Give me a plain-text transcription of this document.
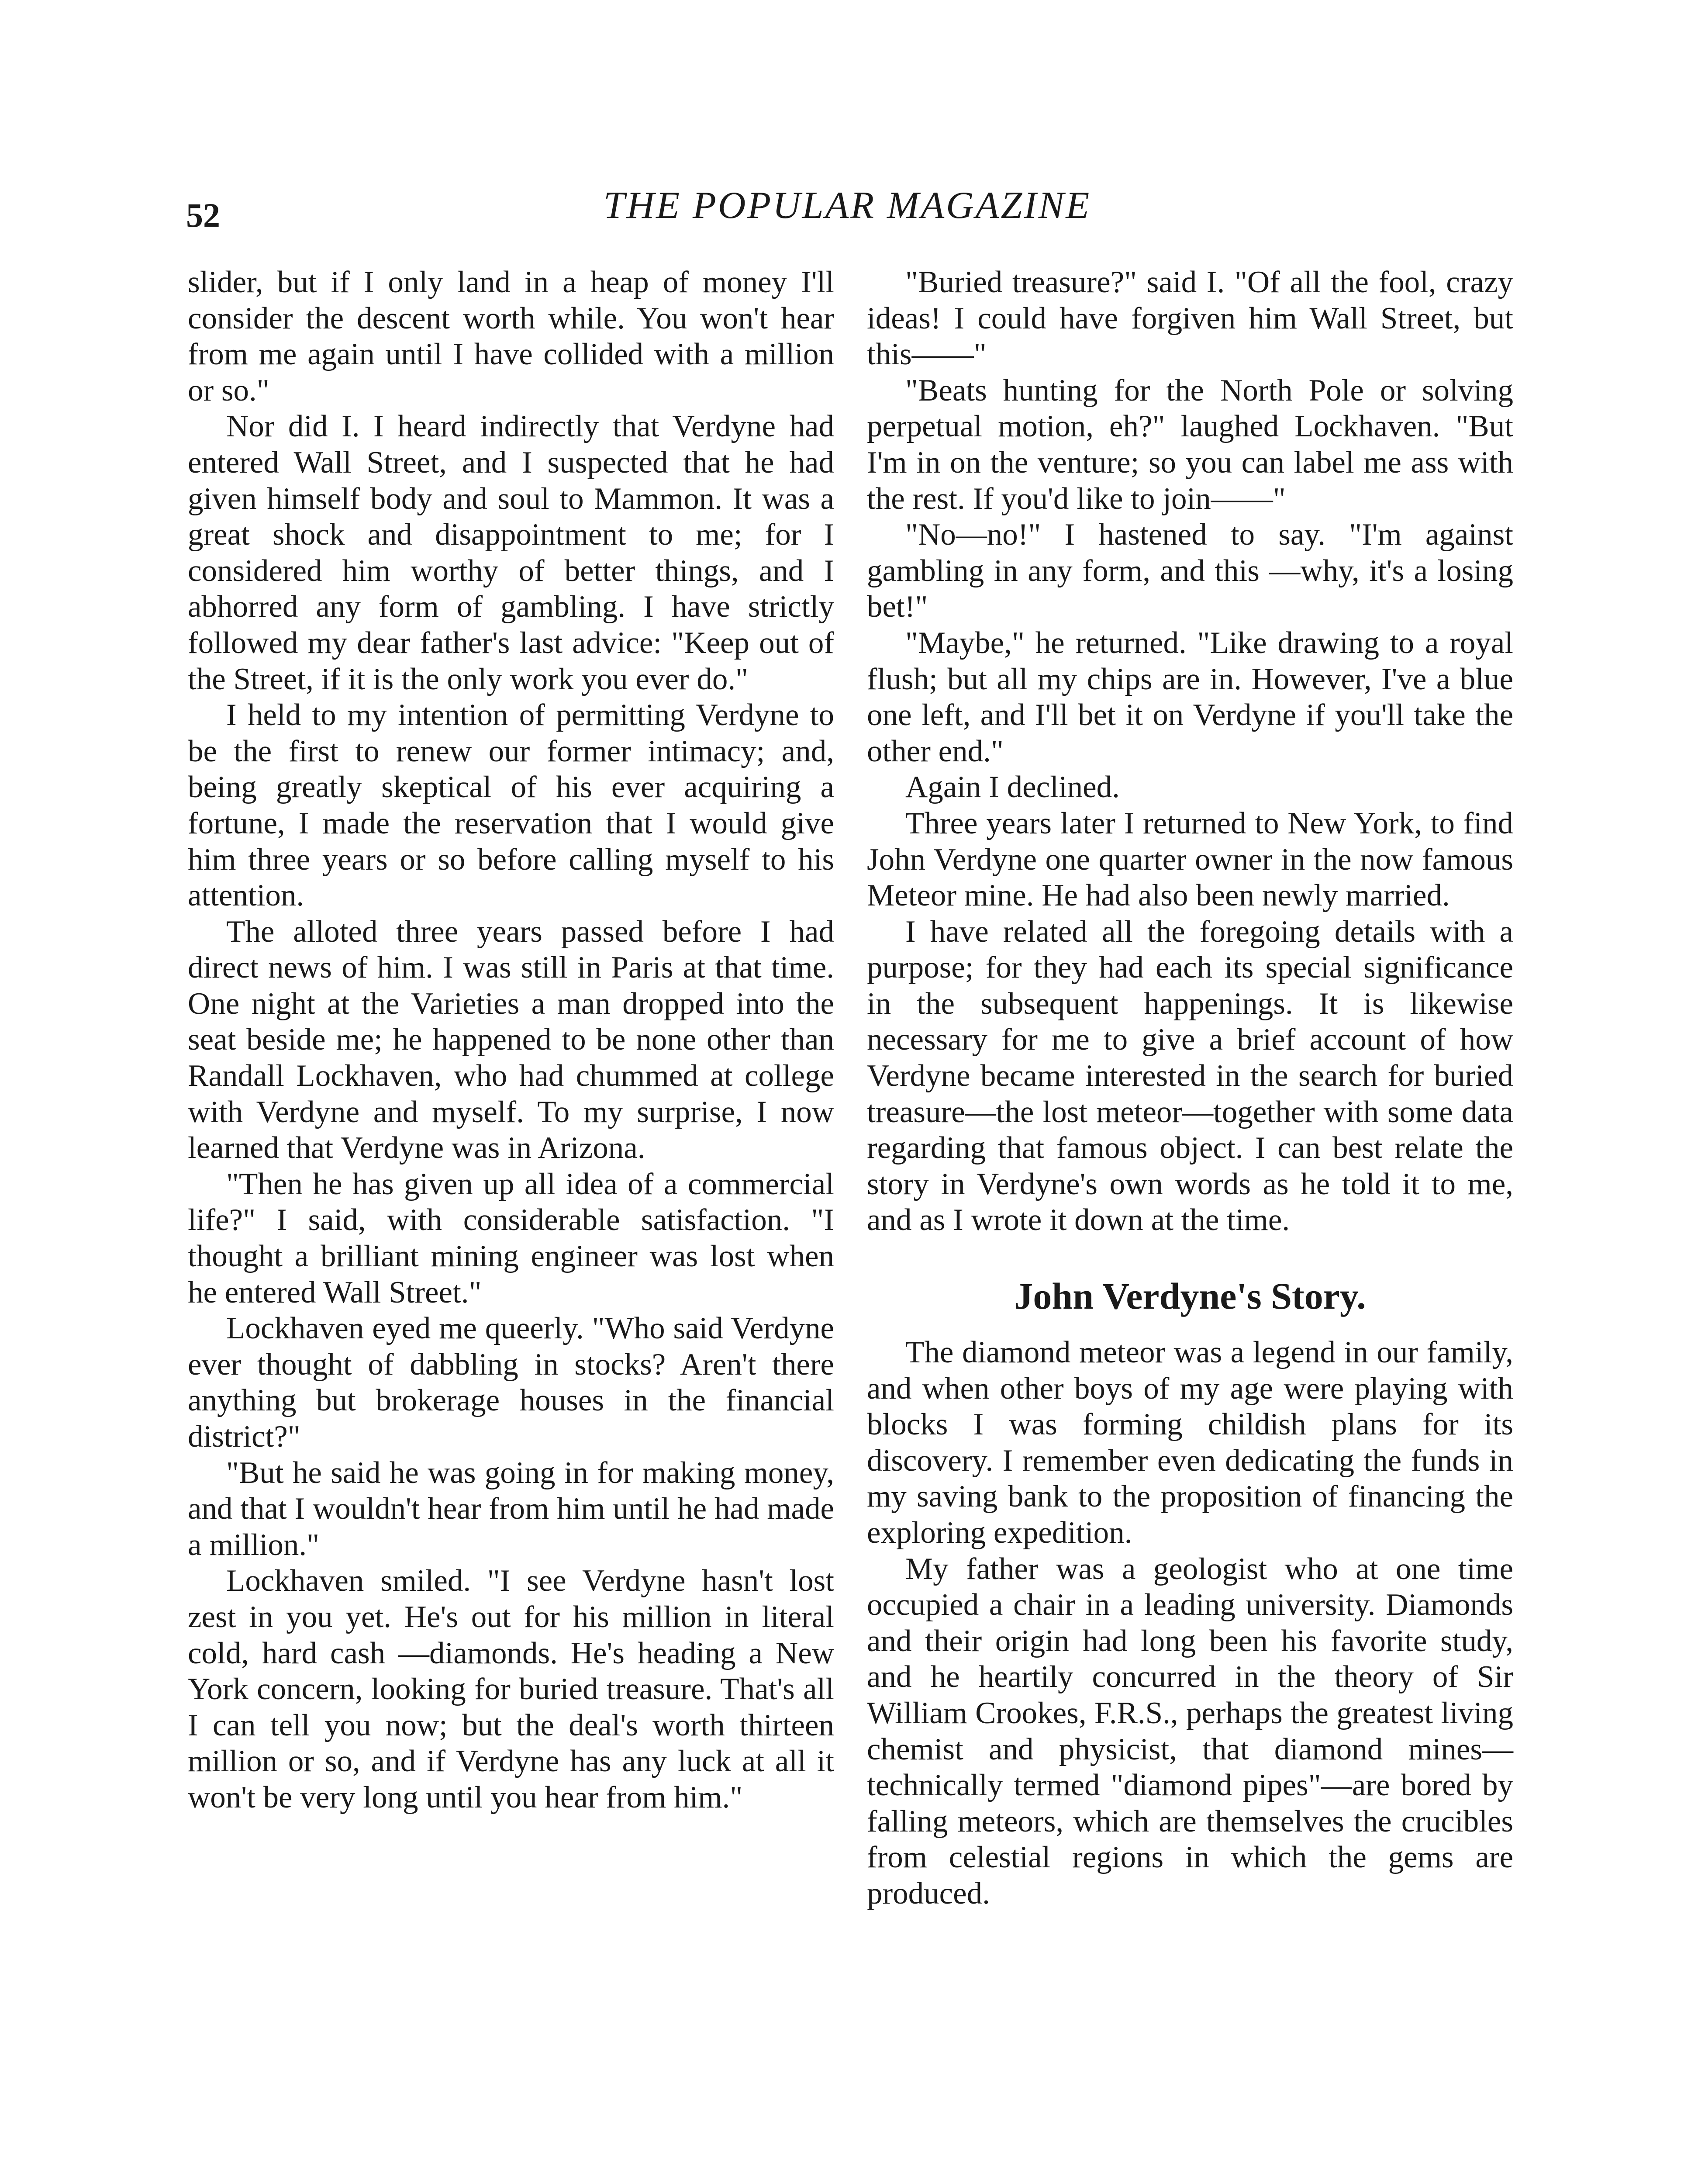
52	THE POPULAR MAGAZINE

slider, but if I only land in a heap of money I'll consider the descent worth while. You won't hear from me again until I have collided with a million or so."

Nor did I. I heard indirectly that Verdyne had entered Wall Street, and I suspected that he had given himself body and soul to Mammon. It was a great shock and disappointment to me; for I considered him worthy of better things, and I abhorred any form of gambling. I have strictly followed my dear father's last advice: "Keep out of the Street, if it is the only work you ever do."

I held to my intention of permitting Verdyne to be the first to renew our former intimacy; and, being greatly skeptical of his ever acquiring a fortune, I made the reservation that I would give him three years or so before calling myself to his attention.

The alloted three years passed before I had direct news of him. I was still in Paris at that time. One night at the Varieties a man dropped into the seat beside me; he happened to be none other than Randall Lockhaven, who had chummed at college with Verdyne and myself. To my surprise, I now learned that Verdyne was in Arizona.

"Then he has given up all idea of a commercial life?" I said, with considerable satisfaction. "I thought a brilliant mining engineer was lost when he entered Wall Street."

Lockhaven eyed me queerly. "Who said Verdyne ever thought of dabbling in stocks? Aren't there anything but brokerage houses in the financial district?"

"But he said he was going in for making money, and that I wouldn't hear from him until he had made a million."

Lockhaven smiled. "I see Verdyne hasn't lost zest in you yet. He's out for his million in literal cold, hard cash —diamonds. He's heading a New York concern, looking for buried treasure. That's all I can tell you now; but the deal's worth thirteen million or so, and if Verdyne has any luck at all it won't be very long until you hear from him."

"Buried treasure?" said I. "Of all the fool, crazy ideas! I could have forgiven him Wall Street, but this——"

"Beats hunting for the North Pole or solving perpetual motion, eh?" laughed Lockhaven. "But I'm in on the venture; so you can label me ass with the rest. If you'd like to join——"

"No—no!" I hastened to say. "I'm against gambling in any form, and this —why, it's a losing bet!"

"Maybe," he returned. "Like drawing to a royal flush; but all my chips are in. However, I've a blue one left, and I'll bet it on Verdyne if you'll take the other end."

Again I declined.

Three years later I returned to New York, to find John Verdyne one quarter owner in the now famous Meteor mine. He had also been newly married.

I have related all the foregoing details with a purpose; for they had each its special significance in the subsequent happenings. It is likewise necessary for me to give a brief account of how Verdyne became interested in the search for buried treasure—the lost meteor—together with some data regarding that famous object. I can best relate the story in Verdyne's own words as he told it to me, and as I wrote it down at the time.

John Verdyne's Story.

The diamond meteor was a legend in our family, and when other boys of my age were playing with blocks I was forming childish plans for its discovery. I remember even dedicating the funds in my saving bank to the proposition of financing the exploring expedition.

My father was a geologist who at one time occupied a chair in a leading university. Diamonds and their origin had long been his favorite study, and he heartily concurred in the theory of Sir William Crookes, F.R.S., perhaps the greatest living chemist and physicist, that diamond mines—technically termed "diamond pipes"—are bored by falling meteors, which are themselves the crucibles from celestial regions in which the gems are produced.
